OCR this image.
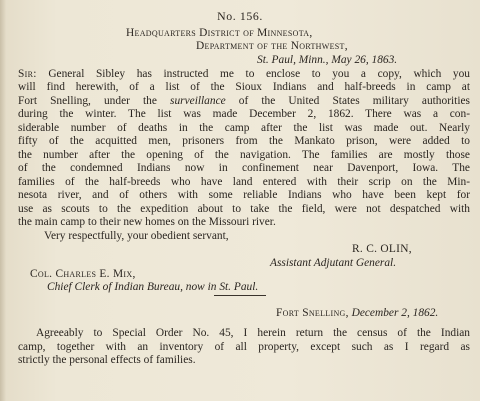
No. 156.
Headquarters District of Minnesota,
Department of the Northwest,
St. Paul, Minn., May 26, 1863.
Sir: General Sibley has instructed me to enclose to you a copy, which you
will find herewith, of a list of the Sioux Indians and half-breeds in camp at
Fort Snelling, under the surveillance of the United States military authorities
during the winter. The list was made December 2, 1862. There was a con-
siderable number of deaths in the camp after the list was made out. Nearly
fifty of the acquitted men, prisoners from the Mankato prison, were added to
the number after the opening of the navigation. The families are mostly those
of the condemned Indians now in confinement near Davenport, Iowa. The
families of the half-breeds who have land entered with their scrip on the Min-
nesota river, and of others with some reliable Indians who have been kept for
use as scouts to the expedition about to take the field, were not despatched with
the main camp to their new homes on the Missouri river.
Very respectfully, your obedient servant,
R. C. OLIN,
Assistant Adjutant General.
Col. Charles E. Mix,
Chief Clerk of Indian Bureau, now in St. Paul.
Fort Snelling, December 2, 1862.
Agreeably to Special Order No. 45, I herein return the census of the Indian
camp, together with an inventory of all property, except such as I regard as
strictly the personal effects of families.
